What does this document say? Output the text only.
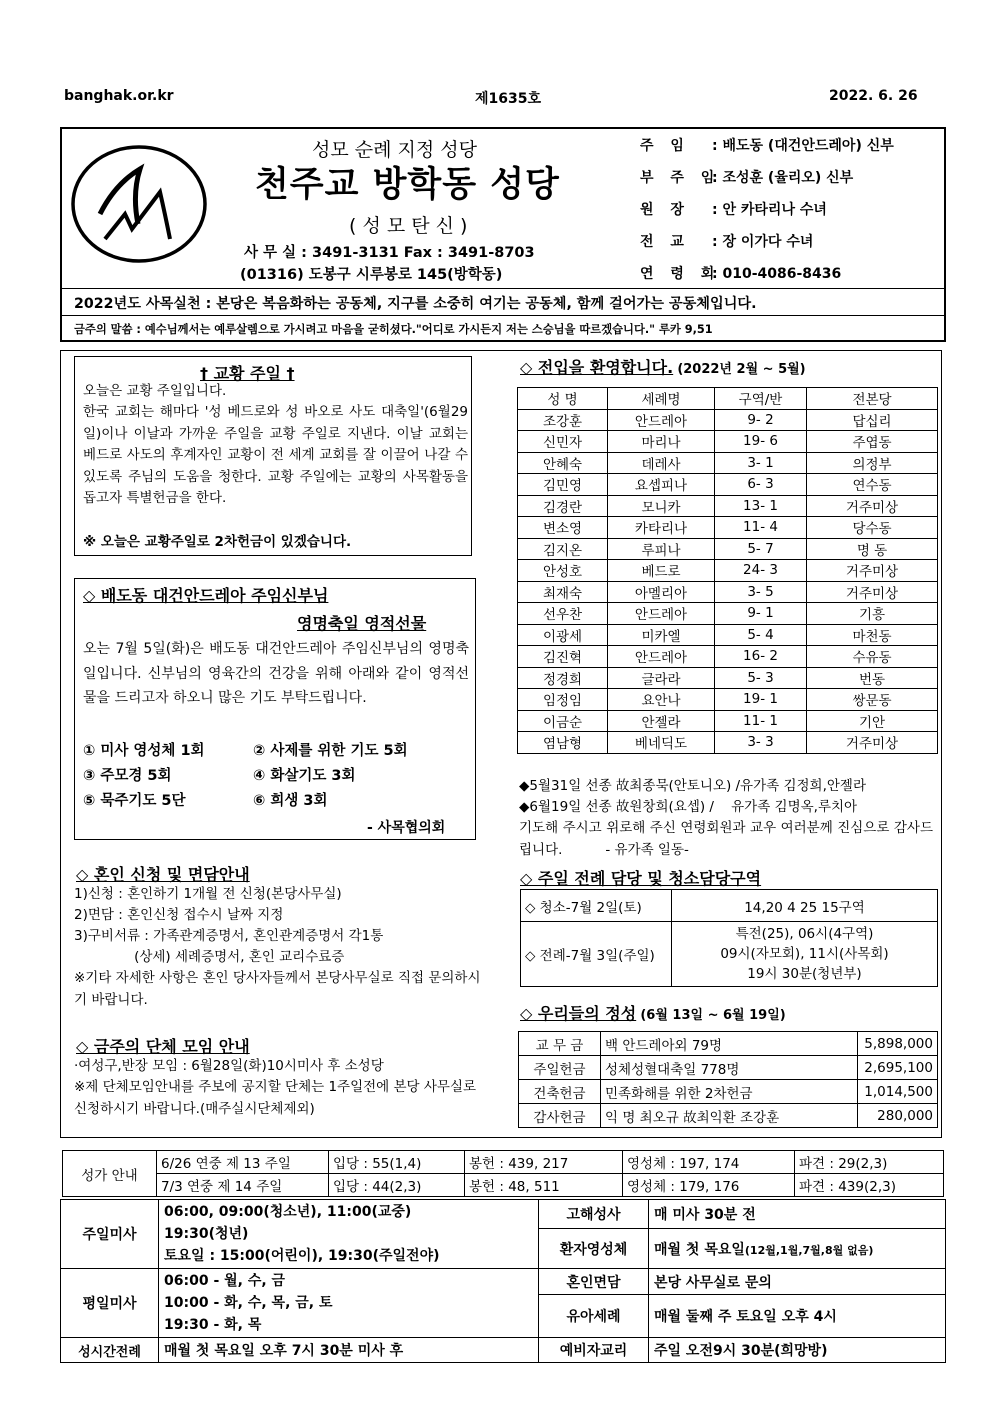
banghak.or.kr	제1635호	2022. 6. 26
성모 순례 지정 성당
천주교 방학동 성당
( 성 모 탄 신 )
사 무 실 : 3491-3131 Fax : 3491-8703
(01316) 도봉구 시루봉로 145(방학동)
주 임 : 배도동 (대건안드레아) 신부
부 주 임: 조성훈 (율리오) 신부
원 장 : 안 카타리나 수녀
전 교 : 장 이가다 수녀
연 령 회: 010-4086-8436
2022년도 사목실천 : 본당은 복음화하는 공동체, 지구를 소중히 여기는 공동체, 함께 걸어가는 공동체입니다.
금주의 말씀 : 예수님께서는 예루살렘으로 가시려고 마음을 굳히셨다."어디로 가시든지 저는 스승님을 따르겠습니다." 루카 9,51
† 교황 주일 †
오늘은 교황 주일입니다.
한국 교회는 해마다 '성 베드로와 성 바오로 사도 대축일'(6월29일)이나 이날과 가까운 주일을 교황 주일로 지낸다. 이날 교회는 베드로 사도의 후계자인 교황이 전 세계 교회를 잘 이끌어 나갈 수 있도록 주님의 도움을 청한다. 교황 주일에는 교황의 사목활동을 돕고자 특별헌금을 한다.
※ 오늘은 교황주일로 2차헌금이 있겠습니다.
◇ 배도동 대건안드레아 주임신부님
영명축일 영적선물
오는 7월 5일(화)은 배도동 대건안드레아 주임신부님의 영명축일입니다. 신부님의 영육간의 건강을 위해 아래와 같이 영적선물을 드리고자 하오니 많은 기도 부탁드립니다.
① 미사 영성체 1회	② 사제를 위한 기도 5회
③ 주모경 5회	④ 화살기도 3회
⑤ 묵주기도 5단	⑥ 희생 3회
- 사목협의회
◇ 혼인 신청 및 면담안내
1)신청 : 혼인하기 1개월 전 신청(본당사무실)
2)면담 : 혼인신청 접수시 날짜 지정
3)구비서류 : 가족관계증명서, 혼인관계증명서 각1통
(상세) 세례증명서, 혼인 교리수료증
※기타 자세한 사항은 혼인 당사자들께서 본당사무실로 직접 문의하시기 바랍니다.
◇ 금주의 단체 모임 안내
·여성구,반장 모임 : 6월28일(화)10시미사 후 소성당
※제 단체모임안내를 주보에 공지할 단체는 1주일전에 본당 사무실로 신청하시기 바랍니다.(매주실시단체제외)
◇ 전입을 환영합니다. (2022년 2월 ~ 5월)
성 명	세례명	구역/반	전본당
조강훈	안드레아	9- 2	답십리
신민자	마리나	19- 6	주엽동
안혜숙	데레사	3- 1	의정부
김민영	요셉피나	6- 3	연수동
김경란	모니카	13- 1	거주미상
변소영	카타리나	11- 4	당수동
김지온	루피나	5- 7	명 동
안성호	베드로	24- 3	거주미상
최재숙	아멜리아	3- 5	거주미상
선우찬	안드레아	9- 1	기흥
이광세	미카엘	5- 4	마천동
김진혁	안드레아	16- 2	수유동
정경희	글라라	5- 3	번동
임정임	요안나	19- 1	쌍문동
이금순	안젤라	11- 1	기안
염남형	베네딕도	3- 3	거주미상
◆5월31일 선종 故최종묵(안토니오) /유가족 김정희,안젤라
◆6월19일 선종 故원창희(요셉) /    유가족 김명옥,루치아
기도해 주시고 위로해 주신 연령회원과 교우 여러분께 진심으로 감사드립니다.          - 유가족 일동-
◇ 주일 전례 담당 및 청소담당구역
◇ 청소-7월 2일(토)	14,20 4 25 15구역
◇ 전례-7월 3일(주일)	특전(25), 06시(4구역)
09시(자모회), 11시(사목회)
19시 30분(청년부)
◇ 우리들의 정성 (6월 13일 ~ 6월 19일)
교 무 금	백 안드레아외 79명	5,898,000
주일헌금	성체성혈대축일 778명	2,695,100
건축헌금	민족화해를 위한 2차헌금	1,014,500
감사헌금	익 명 최오규 故최익환 조강훈	280,000
성가 안내	6/26 연중 제 13 주일	입당 : 55(1,4)	봉헌 : 439, 217	영성체 : 197, 174	파견 : 29(2,3)
	7/3 연중 제 14 주일	입당 : 44(2,3)	봉헌 : 48, 511	영성체 : 179, 176	파견 : 439(2,3)
주일미사	06:00, 09:00(청소년), 11:00(교중)
19:30(청년)
토요일 : 15:00(어린이), 19:30(주일전야)	고해성사	매 미사 30분 전
		환자영성체	매월 첫 목요일(12월,1월,7월,8월 없음)

평일미사	06:00 - 월, 수, 금
10:00 - 화, 수, 목, 금, 토
19:30 - 화, 목	혼인면담	본당 사무실로 문의
		유아세례	매월 둘째 주 토요일 오후 4시

성시간전례	매월 첫 목요일 오후 7시 30분 미사 후	예비자교리	주일 오전9시 30분(희망방)
